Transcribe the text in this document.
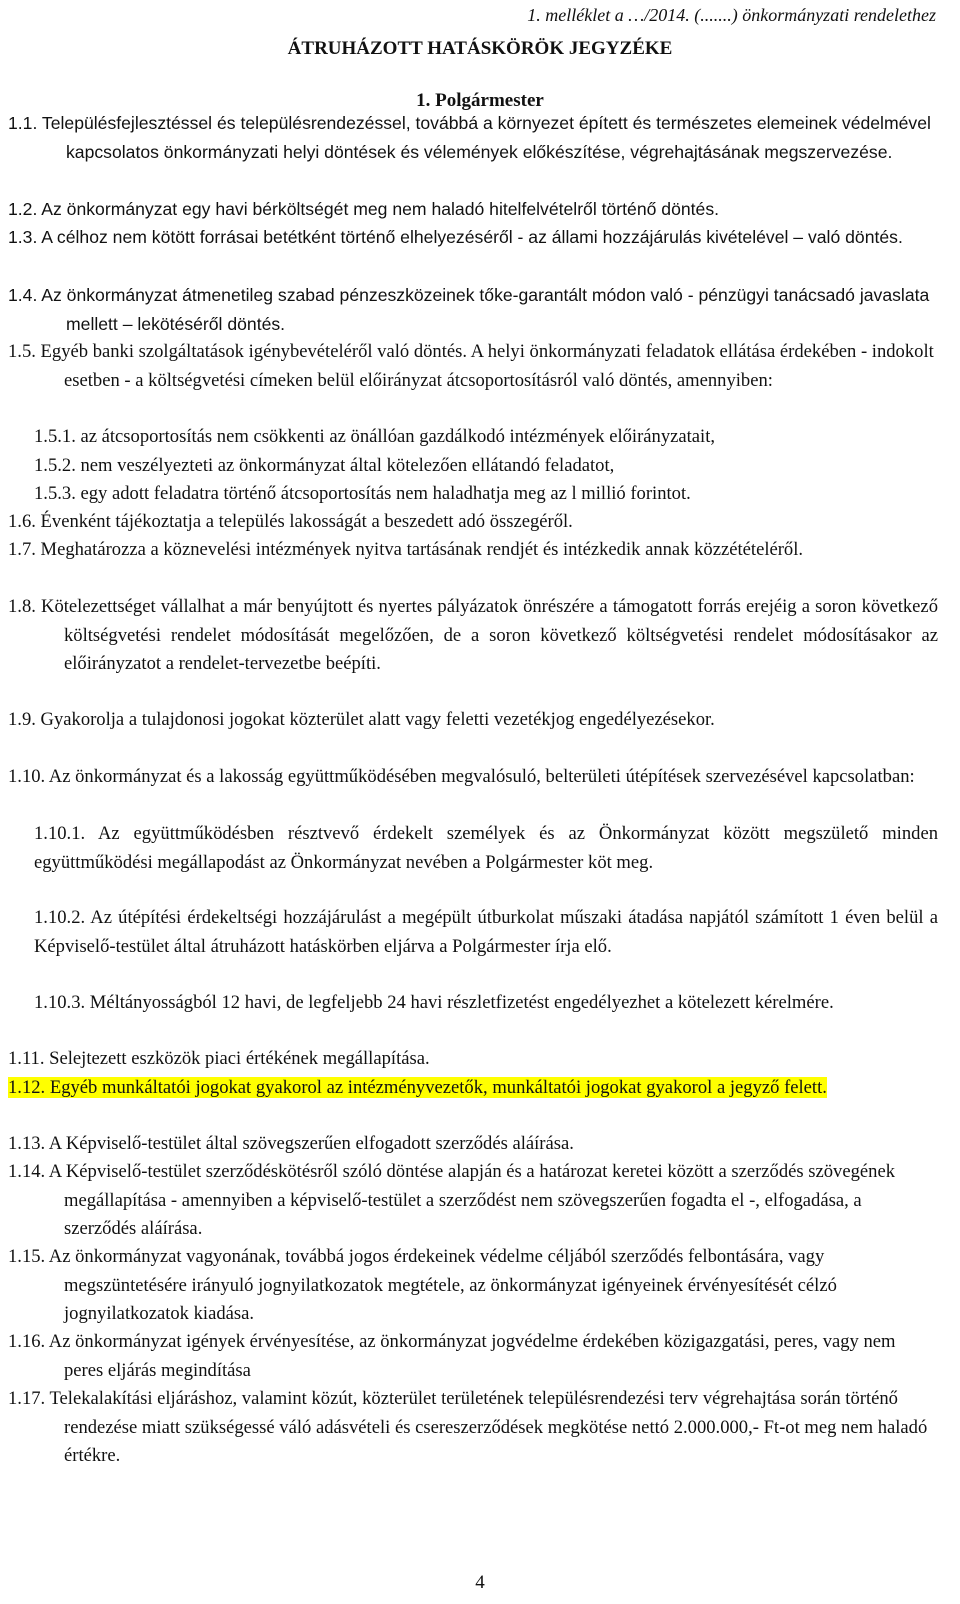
1. melléklet a …/2014. (.......) önkormányzati rendelethez
ÁTRUHÁZOTT HATÁSKÖRÖK JEGYZÉKE
1. Polgármester

1.1. Településfejlesztéssel és településrendezéssel, továbbá a környezet épített és természetes elemeinek védelmével kapcsolatos önkormányzati helyi döntések és vélemények előkészítése, végrehajtásának megszervezése.

1.2. Az önkormányzat egy havi bérköltségét meg nem haladó hitelfelvételről történő döntés.

1.3. A célhoz nem kötött forrásai betétként történő elhelyezéséről - az állami hozzájárulás kivételével – való döntés.

1.4. Az önkormányzat átmenetileg szabad pénzeszközeinek tőke-garantált módon való - pénzügyi tanácsadó javaslata mellett – lekötéséről döntés.

1.5. Egyéb banki szolgáltatások igénybevételéről való döntés. A helyi önkormányzati feladatok ellátása érdekében - indokolt esetben - a költségvetési címeken belül előirányzat átcsoportosításról való döntés, amennyiben:

1.5.1. az átcsoportosítás nem csökkenti az önállóan gazdálkodó intézmények előirányzatait,

1.5.2. nem veszélyezteti az önkormányzat által kötelezően ellátandó feladatot,

1.5.3. egy adott feladatra történő átcsoportosítás nem haladhatja meg az l millió forintot.

1.6. Évenként tájékoztatja a település lakosságát a beszedett adó összegéről.

1.7. Meghatározza a köznevelési intézmények nyitva tartásának rendjét és intézkedik annak közzétételéről.

1.8. Kötelezettséget vállalhat a már benyújtott és nyertes pályázatok önrészére a támogatott forrás erejéig a soron következő költségvetési rendelet módosítását megelőzően, de a soron következő költségvetési rendelet módosításakor az előirányzatot a rendelet-tervezetbe beépíti.

1.9. Gyakorolja a tulajdonosi jogokat közterület alatt vagy feletti vezetékjog engedélyezésekor.

1.10. Az önkormányzat és a lakosság együttműködésében megvalósuló, belterületi útépítések szervezésével kapcsolatban:

1.10.1. Az együttműködésben résztvevő érdekelt személyek és az Önkormányzat között megszülető minden együttműködési megállapodást az Önkormányzat nevében a Polgármester köt meg.

1.10.2. Az útépítési érdekeltségi hozzájárulást a megépült útburkolat műszaki átadása napjától számított 1 éven belül a Képviselő-testület által átruházott hatáskörben eljárva a Polgármester írja elő.

1.10.3. Méltányosságból 12 havi, de legfeljebb 24 havi részletfizetést engedélyezhet a kötelezett kérelmére.

1.11. Selejtezett eszközök piaci értékének megállapítása.

1.12. Egyéb munkáltatói jogokat gyakorol az intézményvezetők, munkáltatói jogokat gyakorol a jegyző felett.

1.13. A Képviselő-testület által szövegszerűen elfogadott szerződés aláírása.

1.14. A Képviselő-testület szerződéskötésről szóló döntése alapján és a határozat keretei között a szerződés szövegének megállapítása - amennyiben a képviselő-testület a szerződést nem szövegszerűen fogadta el -, elfogadása, a szerződés aláírása.

1.15. Az önkormányzat vagyonának, továbbá jogos érdekeinek védelme céljából szerződés felbontására, vagy megszüntetésére irányuló jognyilatkozatok megtétele, az önkormányzat igényeinek érvényesítését célzó jognyilatkozatok kiadása.

1.16. Az önkormányzat igények érvényesítése, az önkormányzat jogvédelme érdekében közigazgatási, peres, vagy nem peres eljárás megindítása

1.17. Telekalakítási eljáráshoz, valamint közút, közterület területének településrendezési terv végrehajtása során történő rendezése miatt szükségessé váló adásvételi és csereszerződések megkötése nettó 2.000.000,- Ft-ot meg nem haladó értékre.

4
